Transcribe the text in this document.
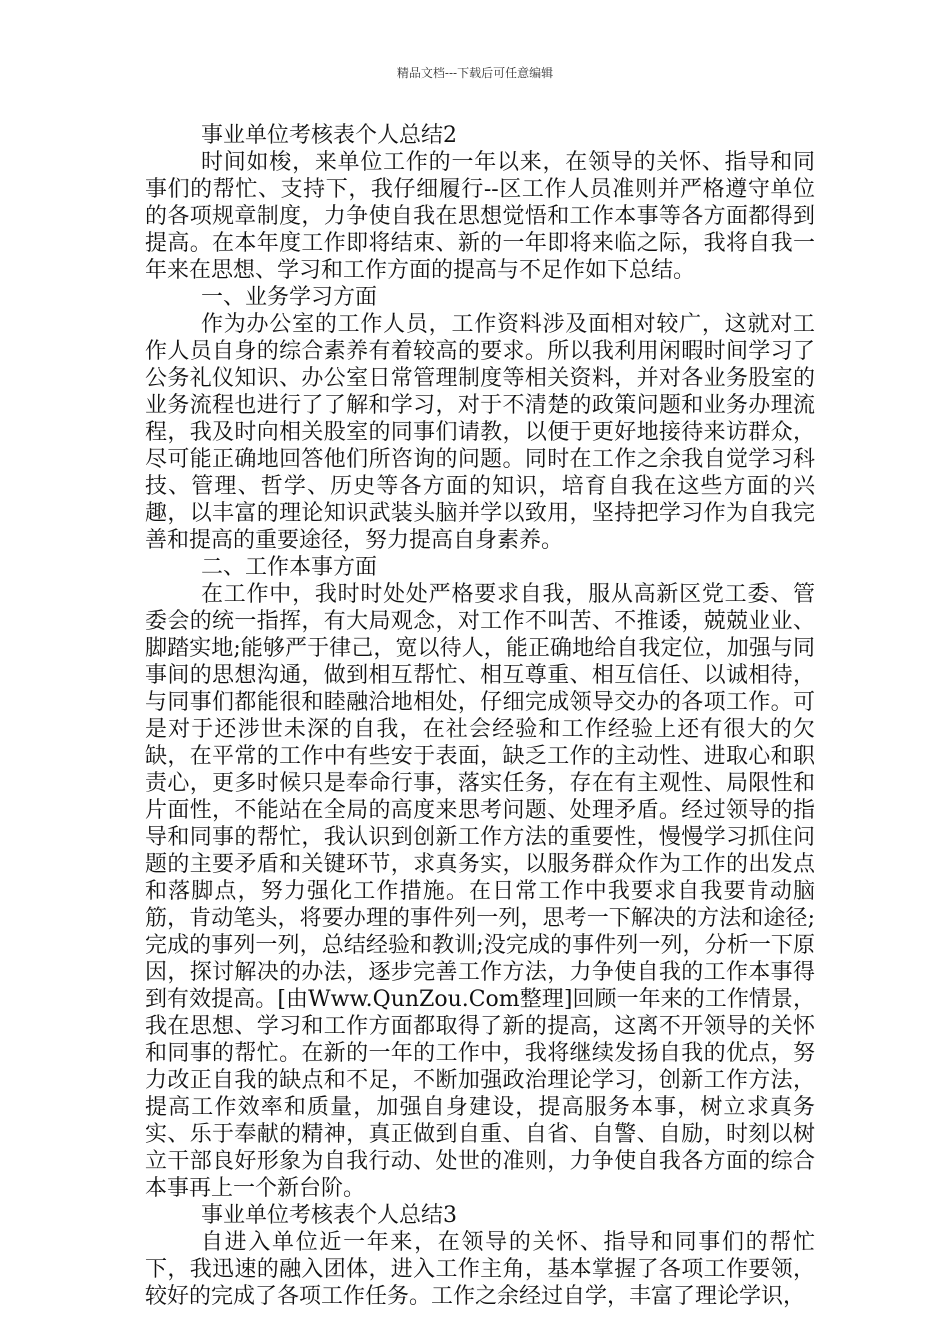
精品文档---下载后可任意编辑

事业单位考核表个人总结2

时间如梭，来单位工作的一年以来，在领导的关怀、指导和同事们的帮忙、支持下，我仔细履行--区工作人员准则并严格遵守单位的各项规章制度，力争使自我在思想觉悟和工作本事等各方面都得到提高。在本年度工作即将结束、新的一年即将来临之际，我将自我一年来在思想、学习和工作方面的提高与不足作如下总结。

一、业务学习方面

作为办公室的工作人员，工作资料涉及面相对较广，这就对工作人员自身的综合素养有着较高的要求。所以我利用闲暇时间学习了公务礼仪知识、办公室日常管理制度等相关资料，并对各业务股室的业务流程也进行了了解和学习，对于不清楚的政策问题和业务办理流程，我及时向相关股室的同事们请教，以便于更好地接待来访群众，尽可能正确地回答他们所咨询的问题。同时在工作之余我自觉学习科技、管理、哲学、历史等各方面的知识，培育自我在这些方面的兴趣，以丰富的理论知识武装头脑并学以致用，坚持把学习作为自我完善和提高的重要途径，努力提高自身素养。

二、工作本事方面

在工作中，我时时处处严格要求自我，服从高新区党工委、管委会的统一指挥，有大局观念，对工作不叫苦、不推诿，兢兢业业、脚踏实地;能够严于律己，宽以待人，能正确地给自我定位，加强与同事间的思想沟通，做到相互帮忙、相互尊重、相互信任、以诚相待，与同事们都能很和睦融洽地相处，仔细完成领导交办的各项工作。可是对于还涉世未深的自我，在社会经验和工作经验上还有很大的欠缺，在平常的工作中有些安于表面，缺乏工作的主动性、进取心和职责心，更多时候只是奉命行事，落实任务，存在有主观性、局限性和片面性，不能站在全局的高度来思考问题、处理矛盾。经过领导的指导和同事的帮忙，我认识到创新工作方法的重要性，慢慢学习抓住问题的主要矛盾和关键环节，求真务实，以服务群众作为工作的出发点和落脚点，努力强化工作措施。在日常工作中我要求自我要肯动脑筋，肯动笔头，将要办理的事件列一列，思考一下解决的方法和途径;完成的事列一列，总结经验和教训;没完成的事件列一列，分析一下原因，探讨解决的办法，逐步完善工作方法，力争使自我的工作本事得到有效提高。[由Www.QunZou.Com整理]回顾一年来的工作情景，我在思想、学习和工作方面都取得了新的提高，这离不开领导的关怀和同事的帮忙。在新的一年的工作中，我将继续发扬自我的优点，努力改正自我的缺点和不足，不断加强政治理论学习，创新工作方法，提高工作效率和质量，加强自身建设，提高服务本事，树立求真务实、乐于奉献的精神，真正做到自重、自省、自警、自励，时刻以树立干部良好形象为自我行动、处世的准则，力争使自我各方面的综合本事再上一个新台阶。

事业单位考核表个人总结3

自进入单位近一年来，在领导的关怀、指导和同事们的帮忙下，我迅速的融入团体，进入工作主角，基本掌握了各项工作要领，较好的完成了各项工作任务。工作之余经过自学，丰富了理论学识，
